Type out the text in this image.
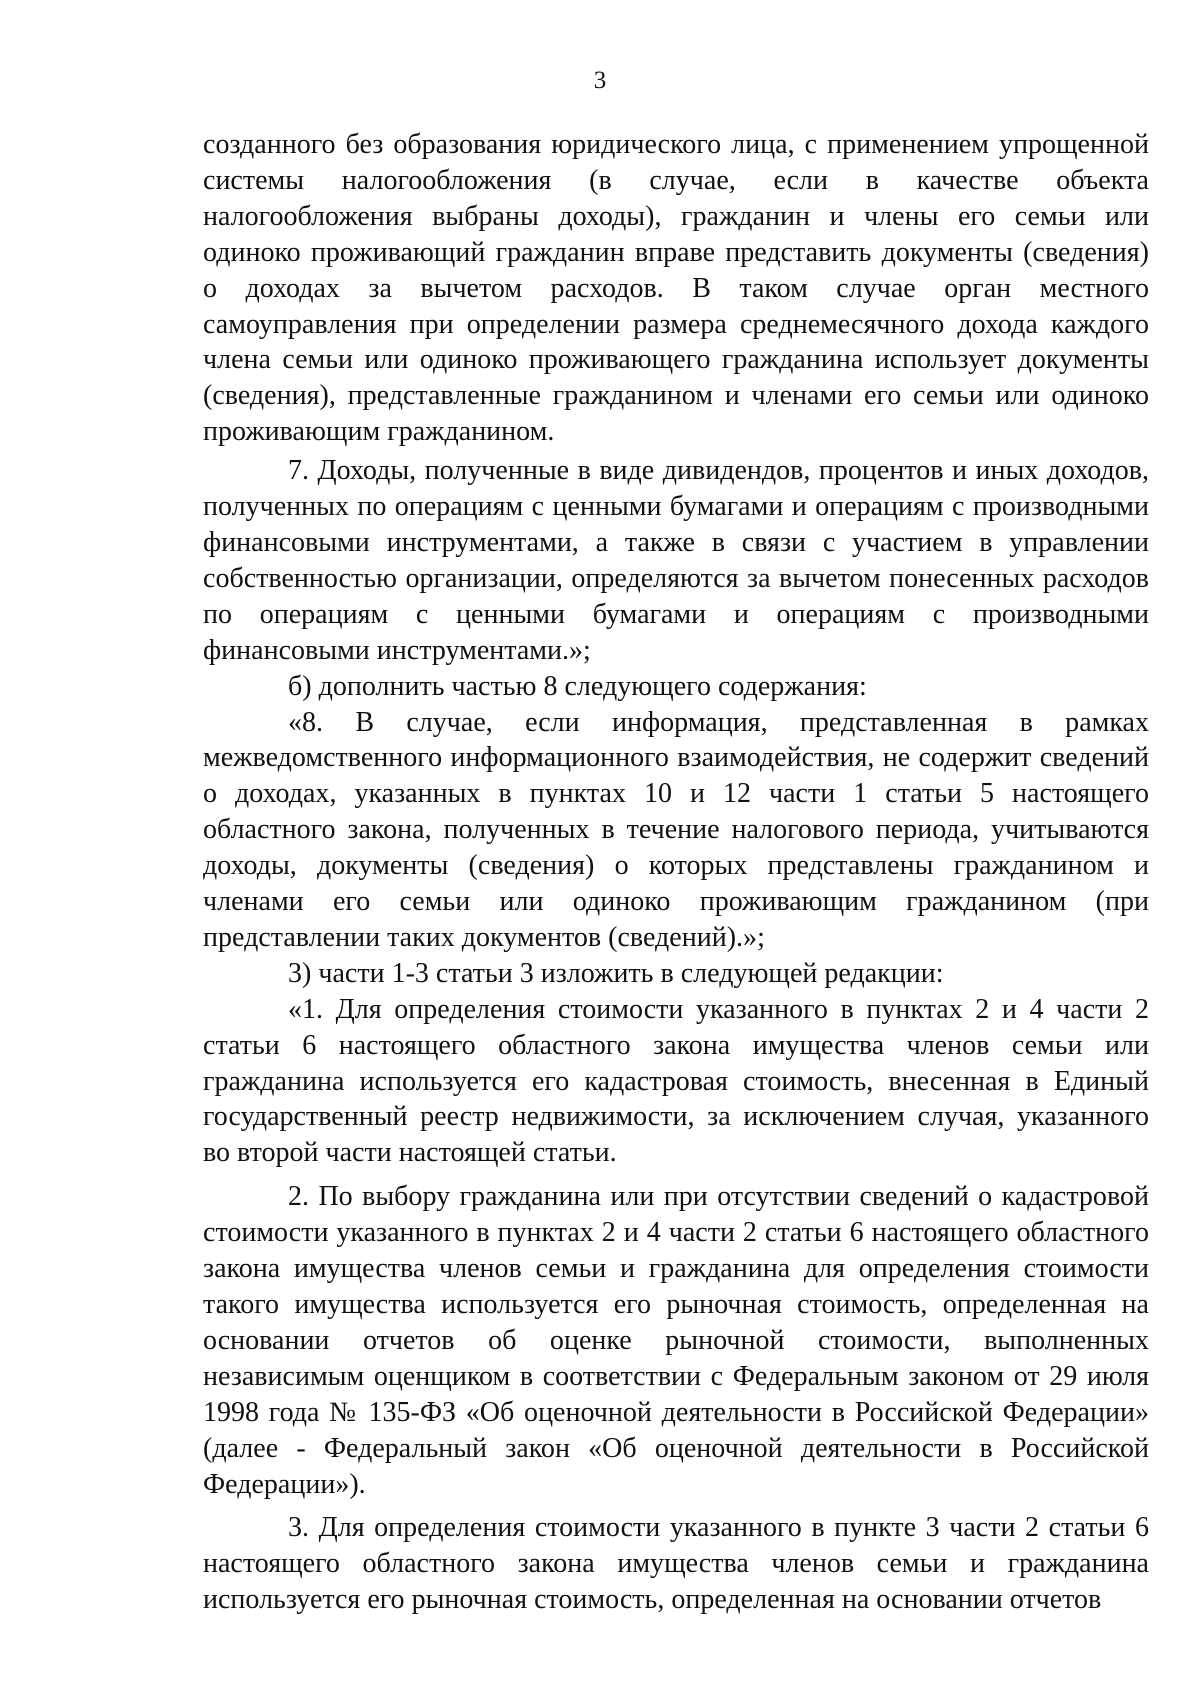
3

созданного без образования юридического лица, с применением упрощенной системы налогообложения (в случае, если в качестве объекта налогообложения выбраны доходы), гражданин и члены его семьи или одиноко проживающий гражданин вправе представить документы (сведения) о доходах за вычетом расходов. В таком случае орган местного самоуправления при определении размера среднемесячного дохода каждого члена семьи или одиноко проживающего гражданина использует документы (сведения), представленные гражданином и членами его семьи или одиноко проживающим гражданином.

7. Доходы, полученные в виде дивидендов, процентов и иных доходов, полученных по операциям с ценными бумагами и операциям с производными финансовыми инструментами, а также в связи с участием в управлении собственностью организации, определяются за вычетом понесенных расходов по операциям с ценными бумагами и операциям с производными финансовыми инструментами.»;

б) дополнить частью 8 следующего содержания:

«8. В случае, если информация, представленная в рамках межведомственного информационного взаимодействия, не содержит сведений о доходах, указанных в пунктах 10 и 12 части 1 статьи 5 настоящего областного закона, полученных в течение налогового периода, учитываются доходы, документы (сведения) о которых представлены гражданином и членами его семьи или одиноко проживающим гражданином (при представлении таких документов (сведений).»;

3) части 1-3 статьи 3 изложить в следующей редакции:

«1. Для определения стоимости указанного в пунктах 2 и 4 части 2 статьи 6 настоящего областного закона имущества членов семьи или гражданина используется его кадастровая стоимость, внесенная в Единый государственный реестр недвижимости, за исключением случая, указанного во второй части настоящей статьи.

2. По выбору гражданина или при отсутствии сведений о кадастровой стоимости указанного в пунктах 2 и 4 части 2 статьи 6 настоящего областного закона имущества членов семьи и гражданина для определения стоимости такого имущества используется его рыночная стоимость, определенная на основании отчетов об оценке рыночной стоимости, выполненных независимым оценщиком в соответствии с Федеральным законом от 29 июля 1998 года № 135-ФЗ «Об оценочной деятельности в Российской Федерации» (далее - Федеральный закон «Об оценочной деятельности в Российской Федерации»).

3. Для определения стоимости указанного в пункте 3 части 2 статьи 6 настоящего областного закона имущества членов семьи и гражданина используется его рыночная стоимость, определенная на основании отчетов
